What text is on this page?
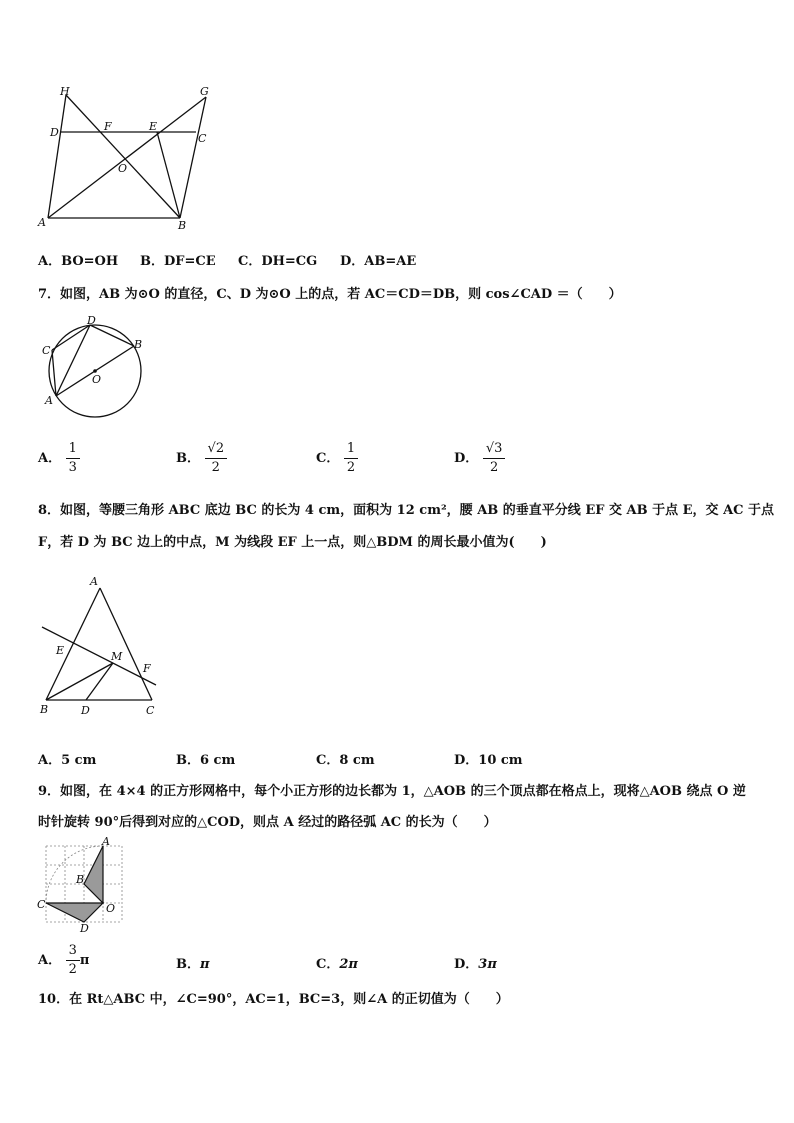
H	G
D	F	E
C
O
A	B
A．BO=OH B．DF=CE C．DH=CG D．AB=AE
7．如图，AB 为⊙O 的直径，C、D 为⊙O 上的点，若 AC＝CD＝DB，则 cos∠CAD ＝（　　）
D
C	B
O
A
A． $\frac{1}{3}$	B． $\frac{√2}{2}$	C． $\frac{1}{2}$	D． $\frac{√3}{2}$
8．如图，等腰三角形 ABC 底边 BC 的长为 4 cm，面积为 12 cm²，腰 AB 的垂直平分线 EF 交 AB 于点 E，交 AC 于点
F，若 D 为 BC 边上的中点，M 为线段 EF 上一点，则△BDM 的周长最小值为(　　)
A
E	M
F
B	D	C
A．5 cm	B．6 cm	C．8 cm	D．10 cm
9．如图，在 4×4 的正方形网格中，每个小正方形的边长都为 1，△AOB 的三个顶点都在格点上，现将△AOB 绕点 O 逆
时针旋转 90°后得到对应的△COD，则点 A 经过的路径弧 AC 的长为（　　）
A
B
C	O
D
A． $\frac{3}{2}$ π	B．π	C．2π	D．3π
10．在 Rt△ABC 中，∠C=90°，AC=1，BC=3，则∠A 的正切值为（　　）
